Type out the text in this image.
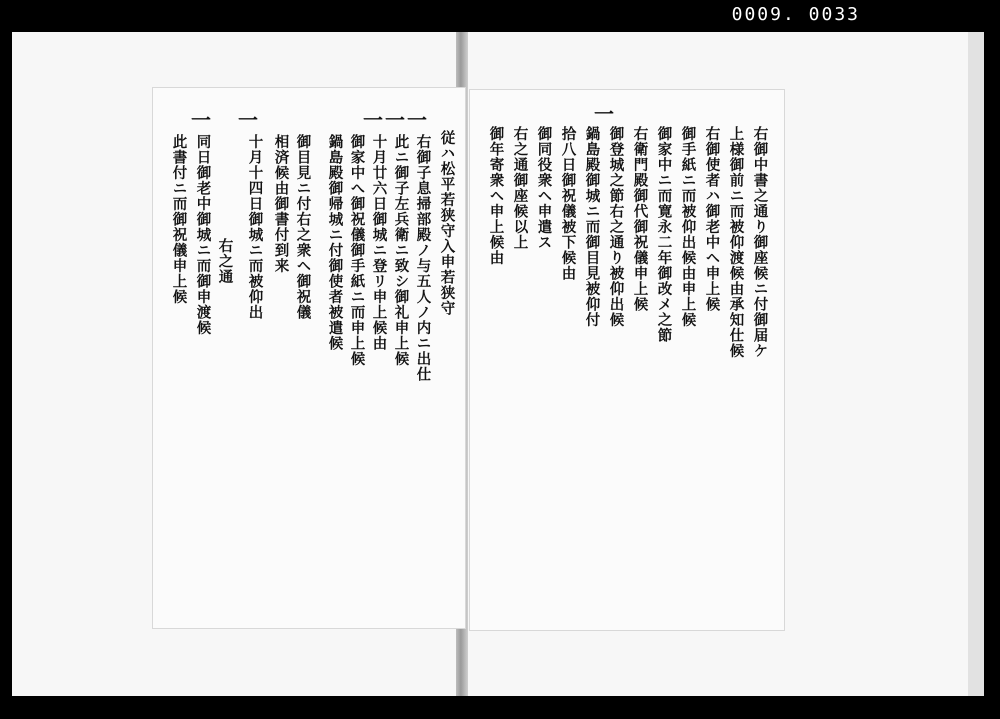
0009. 0033
一
一
一
一
一
従ハ松平若狭守入申若狭守
右御子息掃部殿ノ与五人ノ内ニ出仕
此ニ御子左兵衛ニ致シ御礼申上候
十月廿六日御城ニ登リ申上候由
御家中へ御祝儀御手紙ニ而申上候
鍋島殿御帰城ニ付御使者被遣候
御目見ニ付右之衆ヘ御祝儀
相済候由御書付到来
十月十四日御城ニ而被仰出
右之通
同日御老中御城ニ而御申渡候
此書付ニ而御祝儀申上候
一
右御中書之通り御座候ニ付御届ケ
上様御前ニ而被仰渡候由承知仕候
右御使者ハ御老中ヘ申上候
御手紙ニ而被仰出候由申上候
御家中ニ而寛永二年御改メ之節
右衛門殿御代御祝儀申上候
御登城之節右之通り被仰出候
鍋島殿御城ニ而御目見被仰付
拾八日御祝儀被下候由
御同役衆ヘ申遣ス
右之通御座候以上
御年寄衆ヘ申上候由
